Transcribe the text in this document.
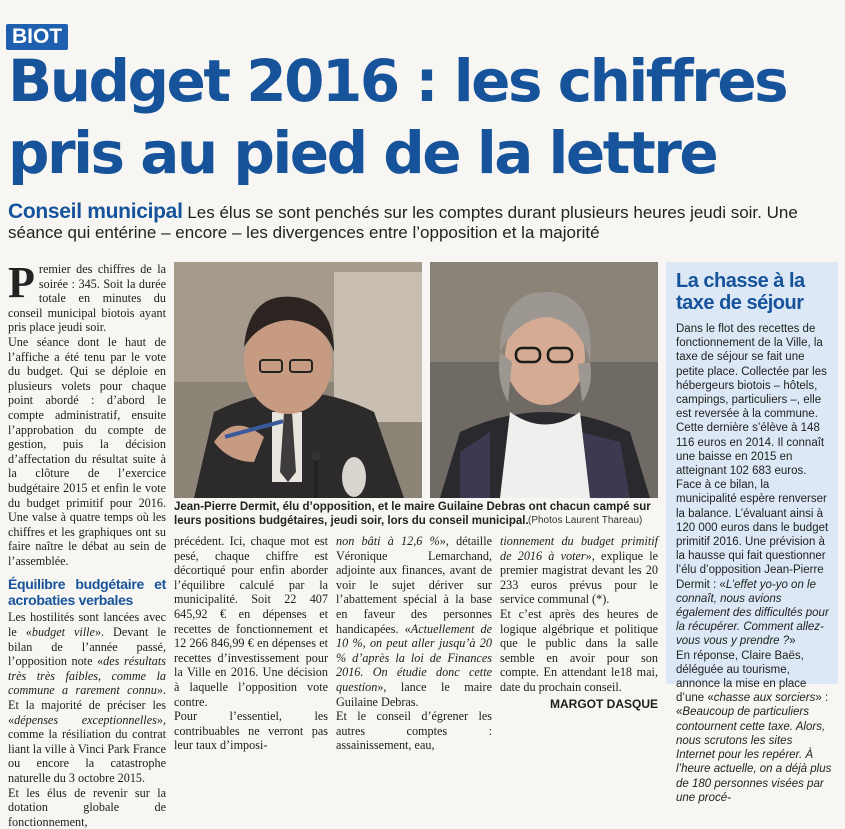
BIOT
Budget 2016 : les chiffres
pris au pied de la lettre
Conseil municipal Les élus se sont penchés sur les comptes durant plusieurs heures jeudi soir. Une séance qui entérine – encore – les divergences entre l’opposition et la majorité

P remier des chiffres de la soirée : 345. Soit la durée totale en minutes du conseil municipal biotois ayant pris place jeudi soir.

Une séance dont le haut de l’affiche a été tenu par le vote du budget. Qui se déploie en plusieurs volets pour chaque point abordé : d’abord le compte administratif, ensuite l’approbation du compte de gestion, puis la décision d’affectation du résultat suite à la clôture de l’exercice budgétaire 2015 et enfin le vote du budget primitif pour 2016. Une valse à quatre temps où les chiffres et les graphiques ont su faire naître le débat au sein de l’assemblée.

Équilibre budgétaire et acrobaties verbales

Les hostilités sont lancées avec le «budget ville». Devant le bilan de l’année passé, l’opposition note «des résultats très très faibles, comme la commune a rarement connu». Et la majorité de préciser les «dépenses exceptionnelles», comme la résiliation du contrat liant la ville à Vinci Park France ou encore la catastrophe naturelle du 3 octobre 2015.

Et les élus de revenir sur la dotation globale de fonctionnement,

Jean-Pierre Dermit, élu d’opposition, et le maire Guilaine Debras ont chacun campé sur leurs positions budgétaires, jeudi soir, lors du conseil municipal. (Photos Laurent Thareau)

précédent. Ici, chaque mot est pesé, chaque chiffre est décortiqué pour enfin aborder l’équilibre calculé par la municipalité. Soit 22 407 645,92 € en dépenses et recettes de fonctionnement et 12 266 846,99 € en dépenses et recettes d’investissement pour la Ville en 2016. Une décision à laquelle l’opposition vote contre.

Pour l’essentiel, les contribuables ne verront pas leur taux d’imposi-

non bâti à 12,6 %», détaille Véronique Lemarchand, adjointe aux finances, avant de voir le sujet dériver sur l’abattement spécial à la base en faveur des personnes handicapées. «Actuellement de 10 %, on peut aller jusqu’à 20 % d’après la loi de Finances 2016. On étudie donc cette question», lance le maire Guilaine Debras.

Et le conseil d’égrener les autres comptes : assainissement, eau,

tionnement du budget primitif de 2016 à voter», explique le premier magistrat devant les 20 233 euros prévus pour le service communal (*).

Et c’est après des heures de logique algébrique et politique que le public dans la salle semble en avoir pour son compte. En attendant le18 mai, date du prochain conseil.

MARGOT DASQUE

La chasse à la taxe de séjour

Dans le flot des recettes de fonctionnement de la Ville, la taxe de séjour se fait une petite place. Collectée par les hébergeurs biotois – hôtels, campings, particuliers –, elle est reversée à la commune.

Cette dernière s’élève à 148 116 euros en 2014. Il connaît une baisse en 2015 en atteignant 102 683 euros. Face à ce bilan, la municipalité espère renverser la balance. L’évaluant ainsi à 120 000 euros dans le budget primitif 2016. Une prévision à la hausse qui fait questionner l’élu d’opposition Jean-Pierre Dermit : «L’effet yo-yo on le connaît, nous avions également des difficultés pour la récupérer. Comment allez-vous vous y prendre ?»

En réponse, Claire Baës, déléguée au tourisme, annonce la mise en place d’une «chasse aux sorciers» : «Beaucoup de particuliers contournent cette taxe. Alors, nous scrutons les sites Internet pour les repérer. À l’heure actuelle, on a déjà plus de 180 personnes visées par une procé-
